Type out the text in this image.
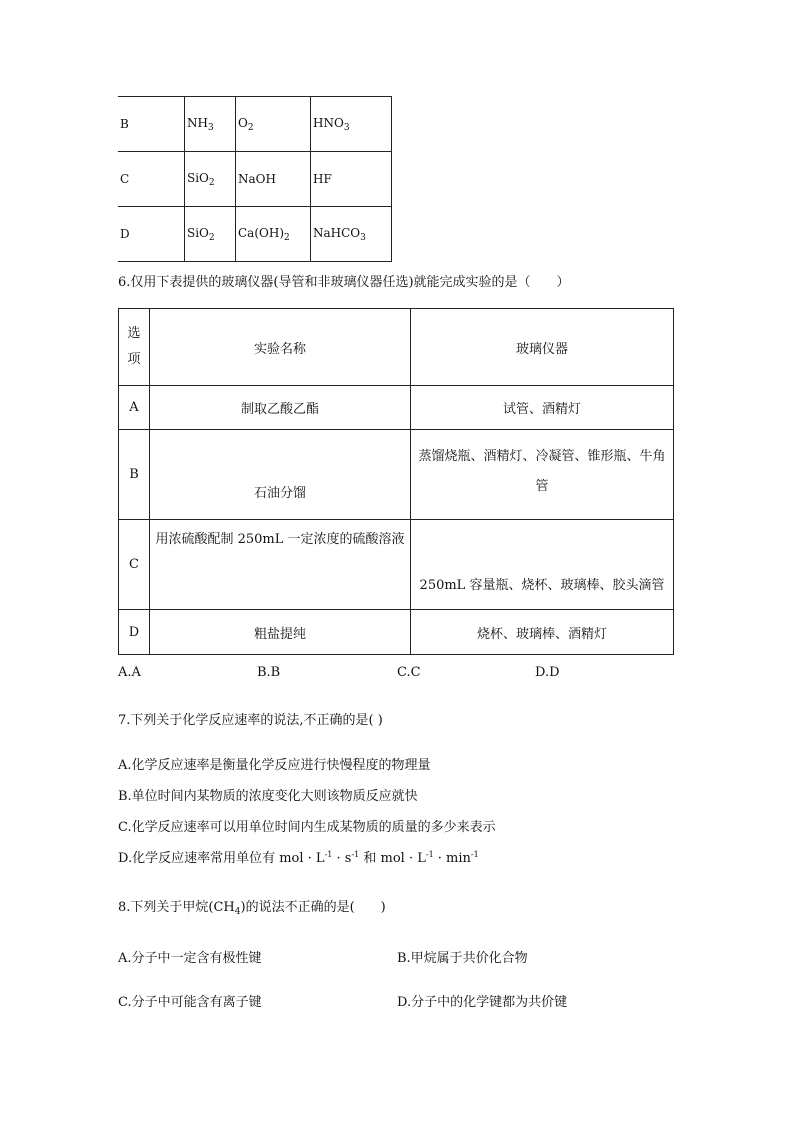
B	$NH_3$	$O_2$	$HNO_3$
C	SiO$_2$	NaOH	HF
D	SiO$_2$	$Ca(OH)_2$	NaHCO$_3$
6.仅用下表提供的玻璃仪器(导管和非玻璃仪器任选)就能完成实验的是（　　）
选
项	实验名称	玻璃仪器
A	制取乙酸乙酯	试管、酒精灯
B	石油分馏	蒸馏烧瓶、酒精灯、冷凝管、锥形瓶、牛角管
C	用浓硫酸配制 250mL 一定浓度的硫酸溶液	250mL 容量瓶、烧杯、玻璃棒、胶头滴管
D	粗盐提纯	烧杯、玻璃棒、酒精灯
A.A	B.B	C.C	D.D
7.下列关于化学反应速率的说法,不正确的是( )
A.化学反应速率是衡量化学反应进行快慢程度的物理量
B.单位时间内某物质的浓度变化大则该物质反应就快
C.化学反应速率可以用单位时间内生成某物质的质量的多少来表示
D.化学反应速率常用单位有 mol · $L^{-1} \cdot s^{-1}$ 和 mol · $L^{-1} \cdot \min^{-1}$
8.下列关于甲烷$(CH_4)$的说法不正确的是(　　)
A.分子中一定含有极性键	B.甲烷属于共价化合物
C.分子中可能含有离子键	D.分子中的化学键都为共价键
